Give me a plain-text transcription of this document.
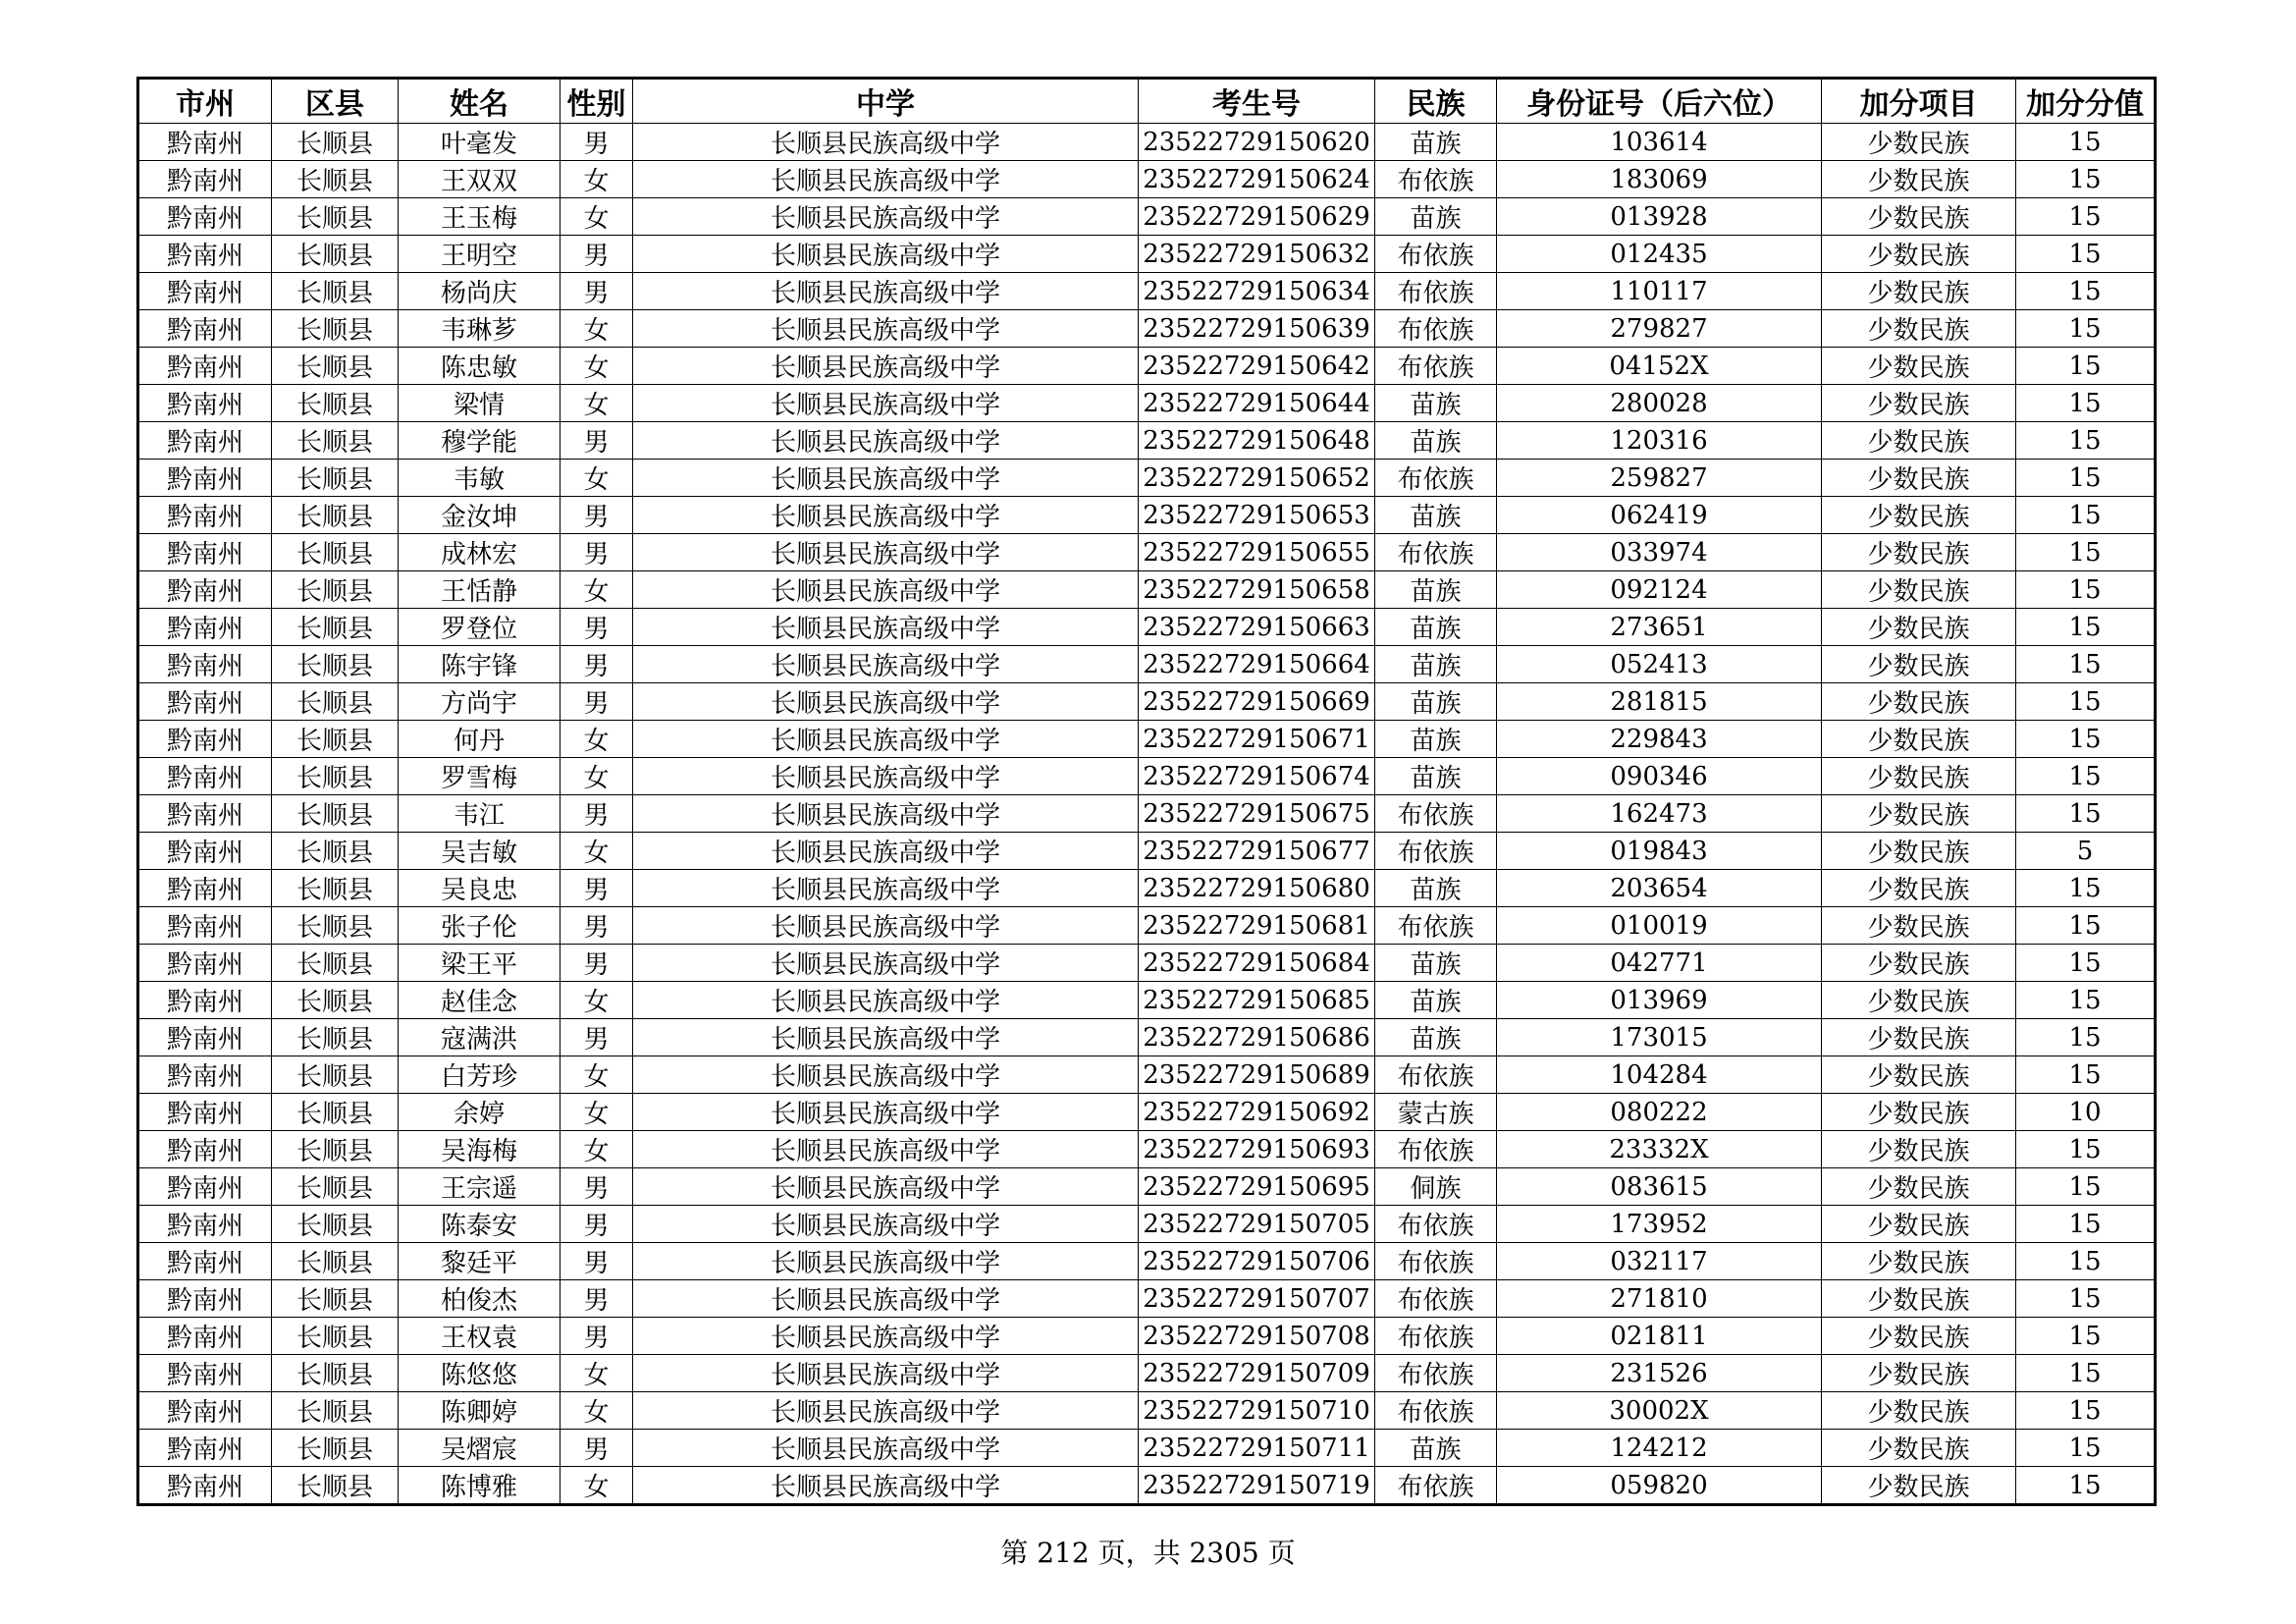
市州	区县	姓名	性别	中学	考生号	民族	身份证号（后六位）	加分项目	加分分值
黔南州	长顺县	叶毫发	男	长顺县民族高级中学	23522729150620	苗族	103614	少数民族	15
黔南州	长顺县	王双双	女	长顺县民族高级中学	23522729150624	布依族	183069	少数民族	15
黔南州	长顺县	王玉梅	女	长顺县民族高级中学	23522729150629	苗族	013928	少数民族	15
黔南州	长顺县	王明空	男	长顺县民族高级中学	23522729150632	布依族	012435	少数民族	15
黔南州	长顺县	杨尚庆	男	长顺县民族高级中学	23522729150634	布依族	110117	少数民族	15
黔南州	长顺县	韦琳芗	女	长顺县民族高级中学	23522729150639	布依族	279827	少数民族	15
黔南州	长顺县	陈忠敏	女	长顺县民族高级中学	23522729150642	布依族	04152X	少数民族	15
黔南州	长顺县	梁情	女	长顺县民族高级中学	23522729150644	苗族	280028	少数民族	15
黔南州	长顺县	穆学能	男	长顺县民族高级中学	23522729150648	苗族	120316	少数民族	15
黔南州	长顺县	韦敏	女	长顺县民族高级中学	23522729150652	布依族	259827	少数民族	15
黔南州	长顺县	金汝坤	男	长顺县民族高级中学	23522729150653	苗族	062419	少数民族	15
黔南州	长顺县	成林宏	男	长顺县民族高级中学	23522729150655	布依族	033974	少数民族	15
黔南州	长顺县	王恬静	女	长顺县民族高级中学	23522729150658	苗族	092124	少数民族	15
黔南州	长顺县	罗登位	男	长顺县民族高级中学	23522729150663	苗族	273651	少数民族	15
黔南州	长顺县	陈宇锋	男	长顺县民族高级中学	23522729150664	苗族	052413	少数民族	15
黔南州	长顺县	方尚宇	男	长顺县民族高级中学	23522729150669	苗族	281815	少数民族	15
黔南州	长顺县	何丹	女	长顺县民族高级中学	23522729150671	苗族	229843	少数民族	15
黔南州	长顺县	罗雪梅	女	长顺县民族高级中学	23522729150674	苗族	090346	少数民族	15
黔南州	长顺县	韦江	男	长顺县民族高级中学	23522729150675	布依族	162473	少数民族	15
黔南州	长顺县	吴吉敏	女	长顺县民族高级中学	23522729150677	布依族	019843	少数民族	5
黔南州	长顺县	吴良忠	男	长顺县民族高级中学	23522729150680	苗族	203654	少数民族	15
黔南州	长顺县	张子伦	男	长顺县民族高级中学	23522729150681	布依族	010019	少数民族	15
黔南州	长顺县	梁王平	男	长顺县民族高级中学	23522729150684	苗族	042771	少数民族	15
黔南州	长顺县	赵佳念	女	长顺县民族高级中学	23522729150685	苗族	013969	少数民族	15
黔南州	长顺县	寇满洪	男	长顺县民族高级中学	23522729150686	苗族	173015	少数民族	15
黔南州	长顺县	白芳珍	女	长顺县民族高级中学	23522729150689	布依族	104284	少数民族	15
黔南州	长顺县	余婷	女	长顺县民族高级中学	23522729150692	蒙古族	080222	少数民族	10
黔南州	长顺县	吴海梅	女	长顺县民族高级中学	23522729150693	布依族	23332X	少数民族	15
黔南州	长顺县	王宗遥	男	长顺县民族高级中学	23522729150695	侗族	083615	少数民族	15
黔南州	长顺县	陈泰安	男	长顺县民族高级中学	23522729150705	布依族	173952	少数民族	15
黔南州	长顺县	黎廷平	男	长顺县民族高级中学	23522729150706	布依族	032117	少数民族	15
黔南州	长顺县	柏俊杰	男	长顺县民族高级中学	23522729150707	布依族	271810	少数民族	15
黔南州	长顺县	王权袁	男	长顺县民族高级中学	23522729150708	布依族	021811	少数民族	15
黔南州	长顺县	陈悠悠	女	长顺县民族高级中学	23522729150709	布依族	231526	少数民族	15
黔南州	长顺县	陈卿婷	女	长顺县民族高级中学	23522729150710	布依族	30002X	少数民族	15
黔南州	长顺县	吴熠宸	男	长顺县民族高级中学	23522729150711	苗族	124212	少数民族	15
黔南州	长顺县	陈博雅	女	长顺县民族高级中学	23522729150719	布依族	059820	少数民族	15
第 212 页，共 2305 页
